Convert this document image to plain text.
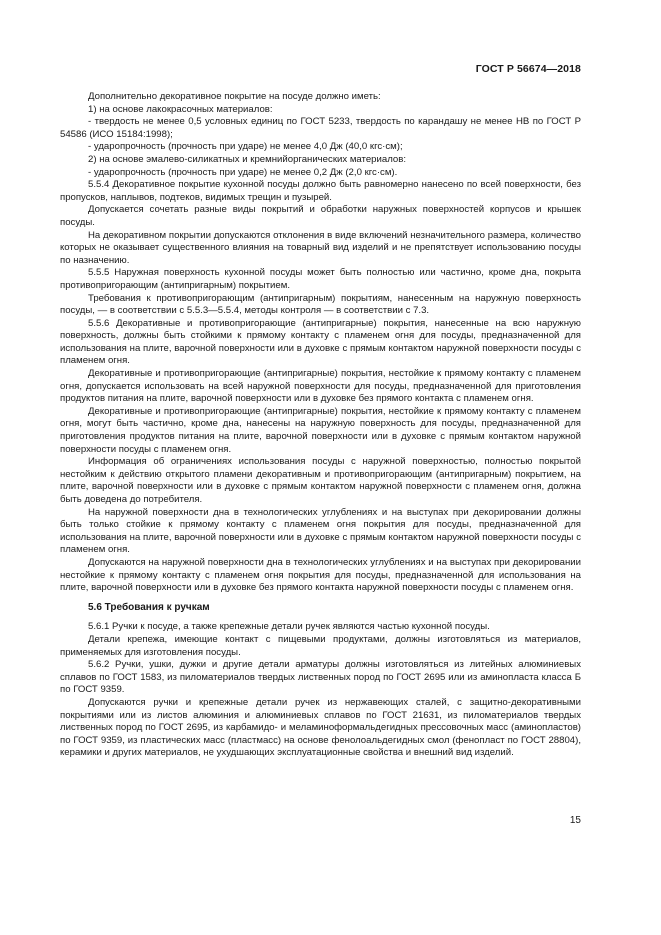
ГОСТ Р 56674—2018

Дополнительно декоративное покрытие на посуде должно иметь:

1) на основе лакокрасочных материалов:

- твердость не менее 0,5 условных единиц по ГОСТ 5233, твердость по карандашу не менее НВ по ГОСТ Р 54586 (ИСО 15184:1998);

- ударопрочность (прочность при ударе) не менее 4,0 Дж (40,0 кгс·см);

2) на основе эмалево-силикатных и кремнийорганических материалов:

- ударопрочность (прочность при ударе) не менее 0,2 Дж (2,0 кгс·см).

5.5.4 Декоративное покрытие кухонной посуды должно быть равномерно нанесено по всей поверхности, без пропусков, наплывов, подтеков, видимых трещин и пузырей.

Допускается сочетать разные виды покрытий и обработки наружных поверхностей корпусов и крышек посуды.

На декоративном покрытии допускаются отклонения в виде включений незначительного размера, количество которых не оказывает существенного влияния на товарный вид изделий и не препятствует использованию посуды по назначению.

5.5.5 Наружная поверхность кухонной посуды может быть полностью или частично, кроме дна, покрыта противопригорающим (антипригарным) покрытием.

Требования к противопригорающим (антипригарным) покрытиям, нанесенным на наружную поверхность посуды, — в соответствии с 5.5.3—5.5.4, методы контроля — в соответствии с 7.3.

5.5.6 Декоративные и противопригорающие (антипригарные) покрытия, нанесенные на всю наружную поверхность, должны быть стойкими к прямому контакту с пламенем огня для посуды, предназначенной для использования на плите, варочной поверхности или в духовке с прямым контактом наружной поверхности посуды с пламенем огня.

Декоративные и противопригорающие (антипригарные) покрытия, нестойкие к прямому контакту с пламенем огня, допускается использовать на всей наружной поверхности для посуды, предназначенной для приготовления продуктов питания на плите, варочной поверхности или в духовке без прямого контакта с пламенем огня.

Декоративные и противопригорающие (антипригарные) покрытия, нестойкие к прямому контакту с пламенем огня, могут быть частично, кроме дна, нанесены на наружную поверхность для посуды, предназначенной для приготовления продуктов питания на плите, варочной поверхности или в духовке с прямым контактом наружной поверхности посуды с пламенем огня.

Информация об ограничениях использования посуды с наружной поверхностью, полностью покрытой нестойким к действию открытого пламени декоративным и противопригорающим (антипригарным) покрытием, на плите, варочной поверхности или в духовке с прямым контактом наружной поверхности с пламенем огня, должна быть доведена до потребителя.

На наружной поверхности дна в технологических углублениях и на выступах при декорировании должны быть только стойкие к прямому контакту с пламенем огня покрытия для посуды, предназначенной для использования на плите, варочной поверхности или в духовке с прямым контактом наружной поверхности посуды с пламенем огня.

Допускаются на наружной поверхности дна в технологических углублениях и на выступах при декорировании нестойкие к прямому контакту с пламенем огня покрытия для посуды, предназначенной для использования на плите, варочной поверхности или в духовке без прямого контакта наружной поверхности посуды с пламенем огня.

5.6 Требования к ручкам

5.6.1 Ручки к посуде, а также крепежные детали ручек являются частью кухонной посуды.

Детали крепежа, имеющие контакт с пищевыми продуктами, должны изготовляться из материалов, применяемых для изготовления посуды.

5.6.2 Ручки, ушки, дужки и другие детали арматуры должны изготовляться из литейных алюминиевых сплавов по ГОСТ 1583, из пиломатериалов твердых лиственных пород по ГОСТ 2695 или из аминопласта класса Б по ГОСТ 9359.

Допускаются ручки и крепежные детали ручек из нержавеющих сталей, с защитно-декоративными покрытиями или из листов алюминия и алюминиевых сплавов по ГОСТ 21631, из пиломатериалов твердых лиственных пород по ГОСТ 2695, из карбамидо- и меламиноформальдегидных прессовочных масс (аминопластов) по ГОСТ 9359, из пластических масс (пластмасс) на основе фенолоальдегидных смол (фенопласт по ГОСТ 28804), керамики и других материалов, не ухудшающих эксплуатационные свойства и внешний вид изделий.

15
